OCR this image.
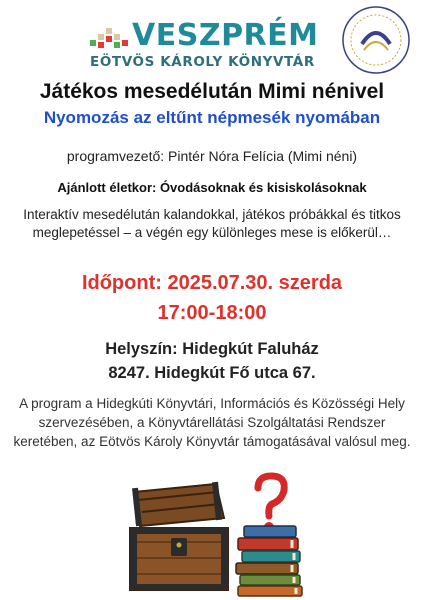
VESZPRÉM
EÖTVÖS KÁROLY KÖNYVTÁR
Játékos mesedélután Mimi nénivel
Nyomozás az eltűnt népmesék nyomában
programvezető: Pintér Nóra Felícia (Mimi néni)
Ajánlott életkor: Óvodásoknak és kisiskolásoknak
Interaktív mesedélután kalandokkal, játékos próbákkal és titkos meglepetéssel – a végén egy különleges mese is előkerül…
Időpont: 2025.07.30. szerda
17:00-18:00
Helyszín: Hidegkút Faluház
8247. Hidegkút Fő utca 67.
A program a Hidegkúti Könyvtári, Információs és Közösségi Hely szervezésében, a Könyvtárellátási Szolgáltatási Rendszer keretében, az Eötvös Károly Könyvtár támogatásával valósul meg.
